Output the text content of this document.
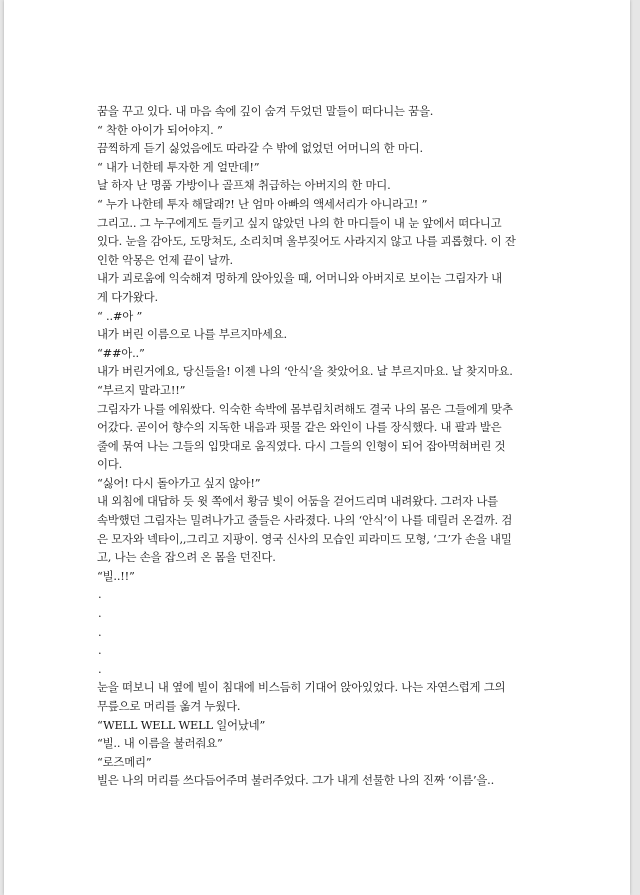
꿈을 꾸고 있다. 내 마음 속에 깊이 숨겨 두었던 말들이 떠다니는 꿈을.
“ 착한 아이가 되어야지. ”
끔찍하게 듣기 싫었음에도 따라갈 수 밖에 없었던 어머니의 한 마디.
“ 내가 너한테 투자한 게 얼만데!”
날 하자 난 명품 가방이나 골프채 취급하는 아버지의 한 마디.
“ 누가 나한테 투자 해달래?! 난 엄마 아빠의 액세서리가 아니라고! ”
그리고.. 그 누구에게도 들키고 싶지 않았던 나의 한 마디들이 내 눈 앞에서 떠다니고
있다. 눈을 감아도, 도망쳐도, 소리치며 울부짖어도 사라지지 않고 나를 괴롭혔다. 이 잔
인한 악몽은 언제 끝이 날까.
내가 괴로움에 익숙해져 멍하게 앉아있을 때, 어머니와 아버지로 보이는 그림자가 내
게 다가왔다.
“ ..#아 ”
내가 버린 이름으로 나를 부르지마세요.
“##아..”
내가 버린거에요, 당신들을! 이젠 나의 ‘안식’을 찾았어요. 날 부르지마요. 날 찾지마요.
“부르지 말라고!!”
그림자가 나를 에워쌌다. 익숙한 속박에 몸부림치려해도 결국 나의 몸은 그들에게 맞추
어갔다. 곧이어 향수의 지독한 내음과 핏물 같은 와인이 나를 장식했다. 내 팔과 발은
줄에 묶여 나는 그들의 입맛대로 움직였다. 다시 그들의 인형이 되어 잡아먹혀버린 것
이다.
“싫어! 다시 돌아가고 싶지 않아!”
내 외침에 대답하 듯 윗 쪽에서 황금 빛이 어둠을 걷어드리며 내려왔다. 그러자 나를
속박했던 그림자는 밀려나가고 줄들은 사라졌다. 나의 ‘안식’이 나를 데릴러 온걸까. 검
은 모자와 넥타이,,그리고 지팡이. 영국 신사의 모습인 피라미드 모형, ‘그’가 손을 내밀
고, 나는 손을 잡으려 온 몸을 던진다.
“빌..!!”
.
.
.
.
.
눈을 떠보니 내 옆에 빌이 침대에 비스듬히 기대어 앉아있었다. 나는 자연스럽게 그의
무릎으로 머리를 옮겨 누웠다.
“WELL WELL WELL 일어났네”
“빌.. 내 이름을 불러줘요”
“로즈메리”
빌은 나의 머리를 쓰다듬어주며 불러주었다. 그가 내게 선물한 나의 진짜 ‘이름’을..
